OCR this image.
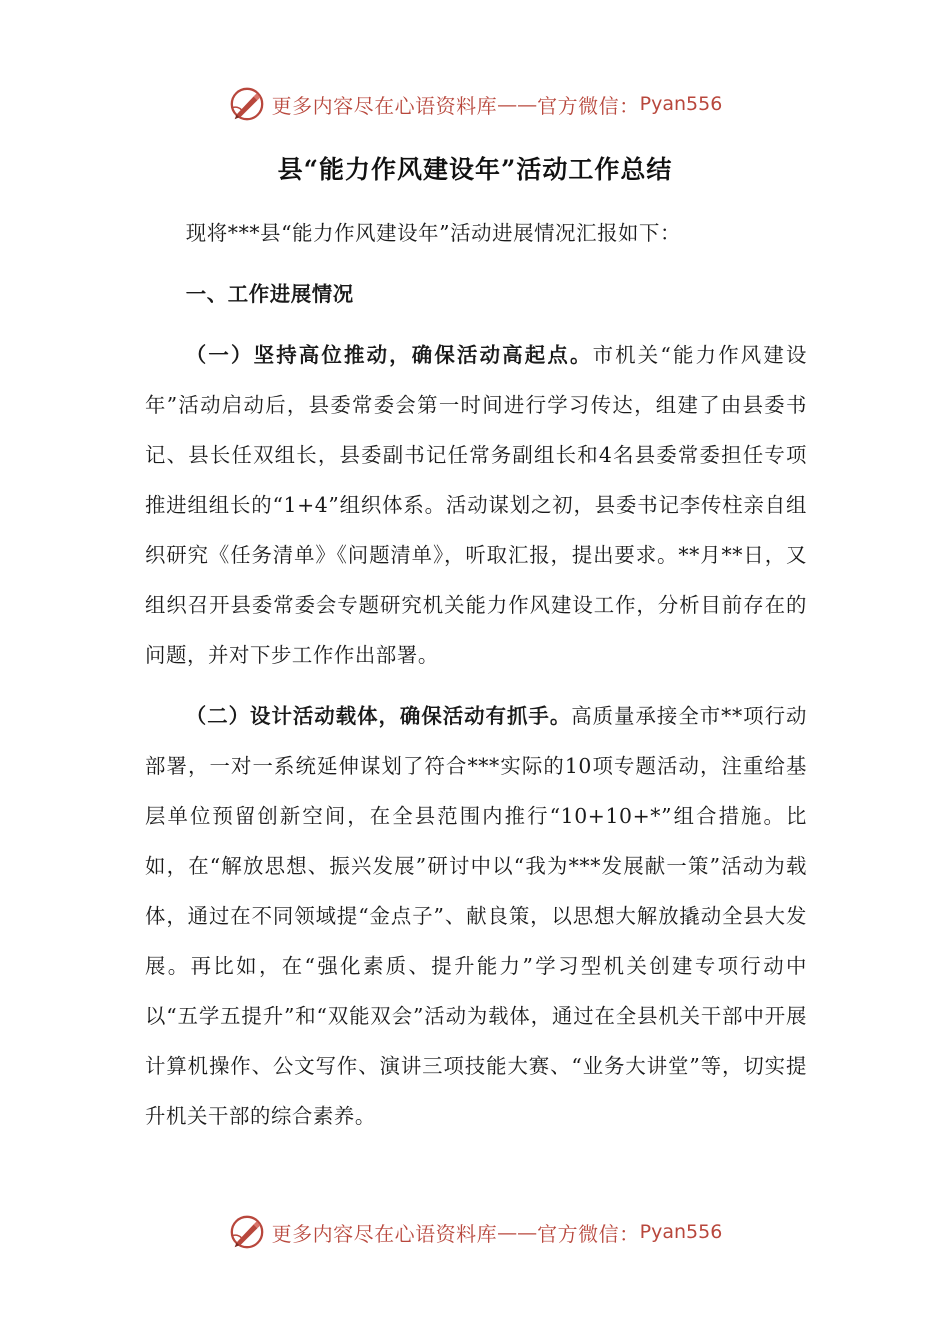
更多内容尽在心语资料库 —— 官方微信： Pyan556
县“能力作风建设年”活动工作总结

现将***县“能力作风建设年”活动进展情况汇报如下：

一、工作进展情况

（一）坚持高位推动，确保活动高起点。市机关“能力作风建设年”活动启动后，县委常委会第一时间进行学习传达，组建了由县委书记、县长任双组长，县委副书记任常务副组长和4名县委常委担任专项推进组组长的“1+4”组织体系。活动谋划之初，县委书记李传柱亲自组织研究《任务清单》《问题清单》，听取汇报，提出要求。**月**日，又组织召开县委常委会专题研究机关能力作风建设工作，分析目前存在的问题，并对下步工作作出部署。

（二）设计活动载体，确保活动有抓手。高质量承接全市**项行动部署，一对一系统延伸谋划了符合***实际的10项专题活动，注重给基层单位预留创新空间，在全县范围内推行“10+10+*”组合措施。比如，在“解放思想、振兴发展”研讨中以“我为***发展献一策”活动为载体，通过在不同领域提“金点子”、献良策，以思想大解放撬动全县大发展。再比如，在“强化素质、提升能力”学习型机关创建专项行动中以“五学五提升”和“双能双会”活动为载体，通过在全县机关干部中开展计算机操作、公文写作、演讲三项技能大赛、“业务大讲堂”等，切实提升机关干部的综合素养。

更多内容尽在心语资料库 —— 官方微信： Pyan556
